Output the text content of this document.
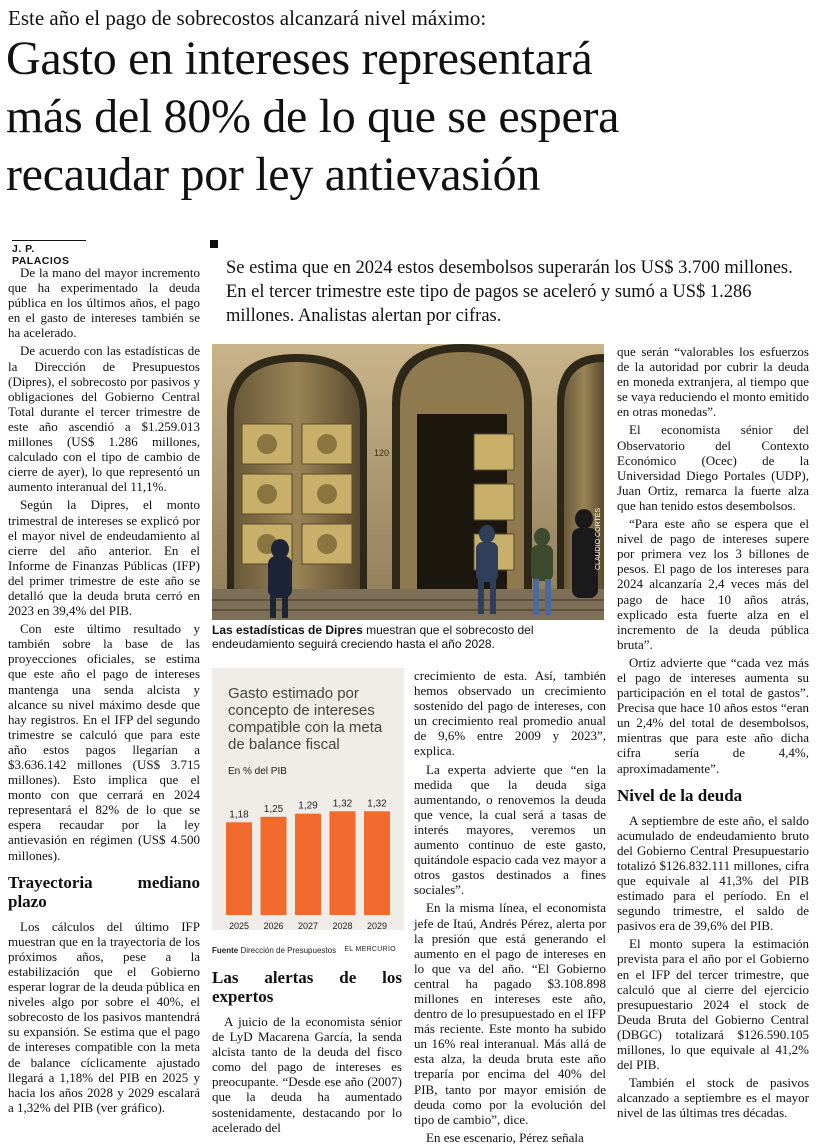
Este año el pago de sobrecostos alcanzará nivel máximo:
Gasto en intereses representará
más del 80% de lo que se espera
recaudar por ley antievasión
J. P. PALACIOS	Se estima que en 2024 estos desembolsos superarán los US$ 3.700 millones. En el tercer trimestre este tipo de pagos se aceleró y sumó a US$ 1.286 millones. Analistas alertan por cifras.

De la mano del mayor incremento que ha experimentado la deuda pública en los últimos años, el pago en el gasto de intereses también se ha acelerado.

De acuerdo con las estadísticas de la Dirección de Presupuestos (Dipres), el sobrecosto por pasivos y obligaciones del Gobierno Central Total durante el tercer trimestre de este año ascendió a $1.259.013 millones (US$ 1.286 millones, calculado con el tipo de cambio de cierre de ayer), lo que representó un aumento interanual del 11,1%.

Según la Dipres, el monto trimestral de intereses se explicó por el mayor nivel de endeudamiento al cierre del año anterior. En el Informe de Finanzas Públicas (IFP) del primer trimestre de este año se detalló que la deuda bruta cerró en 2023 en 39,4% del PIB.

Con este último resultado y también sobre la base de las proyecciones oficiales, se estima que este año el pago de intereses mantenga una senda alcista y alcance su nivel máximo desde que hay registros. En el IFP del segundo trimestre se calculó que para este año estos pagos llegarían a $3.636.142 millones (US$ 3.715 millones). Esto implica que el monto con que cerrará en 2024 representará el 82% de lo que se espera recaudar por la ley antievasión en régimen (US$ 4.500 millones).

Trayectoria mediano plazo

Los cálculos del último IFP muestran que en la trayectoria de los próximos años, pese a la estabilización que el Gobierno esperar lograr de la deuda pública en niveles algo por sobre el 40%, el sobrecosto de los pasivos mantendrá su expansión. Se estima que el pago de intereses compatible con la meta de balance cíclicamente ajustado llegará a 1,18% del PIB en 2025 y hacia los años 2028 y 2029 escalará a 1,32% del PIB (ver gráfico).

120
CLAUDIO CORTÉS
Las estadísticas de Dipres muestran que el sobrecosto del endeudamiento seguirá creciendo hasta el año 2028.
Gasto estimado por concepto de intereses compatible con la meta de balance fiscal
En % del PIB
1,18
2025
1,25
2026
1,29
2027
1,32
2028
1,32
2029
Fuente Dirección de Presupuestos EL MERCURIO
Las alertas de los expertos

A juicio de la economista sénior de LyD Macarena García, la senda alcista tanto de la deuda del fisco como del pago de intereses es preocupante. “Desde ese año (2007) que la deuda ha aumentado sostenidamente, destacando por lo acelerado del

crecimiento de esta. Así, también hemos observado un crecimiento sostenido del pago de intereses, con un crecimiento real promedio anual de 9,6% entre 2009 y 2023”, explica.

La experta advierte que “en la medida que la deuda siga aumentando, o renovemos la deuda que vence, la cual será a tasas de interés mayores, veremos un aumento continuo de este gasto, quitándole espacio cada vez mayor a otros gastos destinados a fines sociales”.

En la misma línea, el economista jefe de Itaú, Andrés Pérez, alerta por la presión que está generando el aumento en el pago de intereses en lo que va del año. “El Gobierno central ha pagado $3.108.898 millones en intereses este año, dentro de lo presupuestado en el IFP más reciente. Este monto ha subido un 16% real interanual. Más allá de esta alza, la deuda bruta este año treparía por encima del 40% del PIB, tanto por mayor emisión de deuda como por la evolución del tipo de cambio”, dice.

En ese escenario, Pérez señala

que serán “valorables los esfuerzos de la autoridad por cubrir la deuda en moneda extranjera, al tiempo que se vaya reduciendo el monto emitido en otras monedas”.

El economista sénior del Observatorio del Contexto Económico (Ocec) de la Universidad Diego Portales (UDP), Juan Ortiz, remarca la fuerte alza que han tenido estos desembolsos.

“Para este año se espera que el nivel de pago de intereses supere por primera vez los 3 billones de pesos. El pago de los intereses para 2024 alcanzaría 2,4 veces más del pago de hace 10 años atrás, explicado esta fuerte alza en el incremento de la deuda pública bruta”.

Ortiz advierte que “cada vez más el pago de intereses aumenta su participación en el total de gastos”. Precisa que hace 10 años estos “eran un 2,4% del total de desembolsos, mientras que para este año dicha cifra sería de 4,4%, aproximadamente”.

Nivel de la deuda

A septiembre de este año, el saldo acumulado de endeudamiento bruto del Gobierno Central Presupuestario totalizó $126.832.111 millones, cifra que equivale al 41,3% del PIB estimado para el período. En el segundo trimestre, el saldo de pasivos era de 39,6% del PIB.

El monto supera la estimación prevista para el año por el Gobierno en el IFP del tercer trimestre, que calculó que al cierre del ejercicio presupuestario 2024 el stock de Deuda Bruta del Gobierno Central (DBGC) totalizará $126.590.105 millones, lo que equivale al 41,2% del PIB.

También el stock de pasivos alcanzado a septiembre es el mayor nivel de las últimas tres décadas.
